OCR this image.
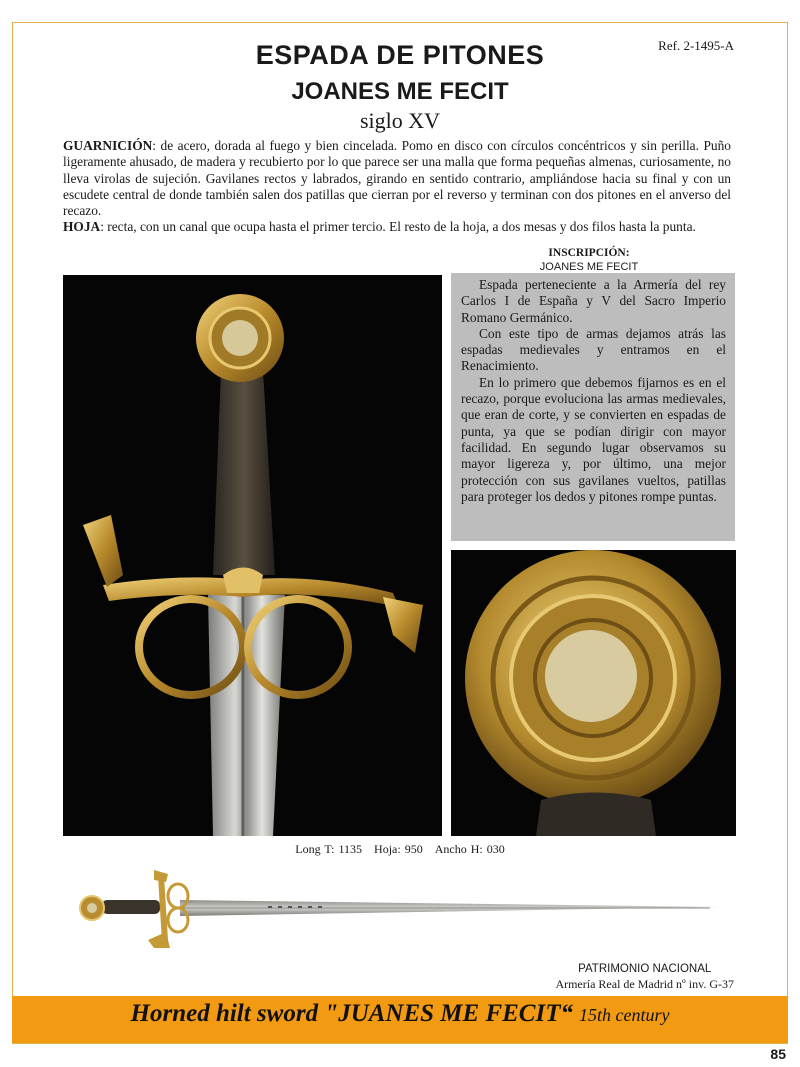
Ref. 2-1495-A
ESPADA DE PITONES
JOANES ME FECIT
siglo XV

GUARNICIÓN: de acero, dorada al fuego y bien cincelada. Pomo en disco con círculos concéntricos y sin perilla. Puño ligeramente ahusado, de madera y recubierto por lo que parece ser una malla que forma pequeñas almenas, curiosamente, no lleva virolas de sujeción. Gavilanes rectos y labrados, girando en sentido contrario, ampliándose hacia su final y con un escudete central de donde también salen dos patillas que cierran por el reverso y terminan con dos pitones en el anverso del recazo.

HOJA: recta, con un canal que ocupa hasta el primer tercio. El resto de la hoja, a dos mesas y dos filos hasta la punta.

INSCRIPCIÓN:
JOANES ME FECIT

Espada perteneciente a la Armería del rey Carlos I de España y V del Sacro Imperio Romano Germánico.

Con este tipo de armas dejamos atrás las espadas medievales y entramos en el Renacimiento.

En lo primero que debemos fijarnos es en el recazo, porque evoluciona las armas medievales, que eran de corte, y se convierten en espadas de punta, ya que se podían dirigir con mayor facilidad. En segundo lugar observamos su mayor ligereza y, por último, una mejor protección con sus gavilanes vueltos, patillas para proteger los dedos y pitones rompe puntas.

Long T: 1135 Hoja: 950 Ancho H: 030
PATRIMONIO NACIONAL
Armería Real de Madrid nº inv. G-37
Horned hilt sword "JUANES ME FECIT“ 15th century
85
